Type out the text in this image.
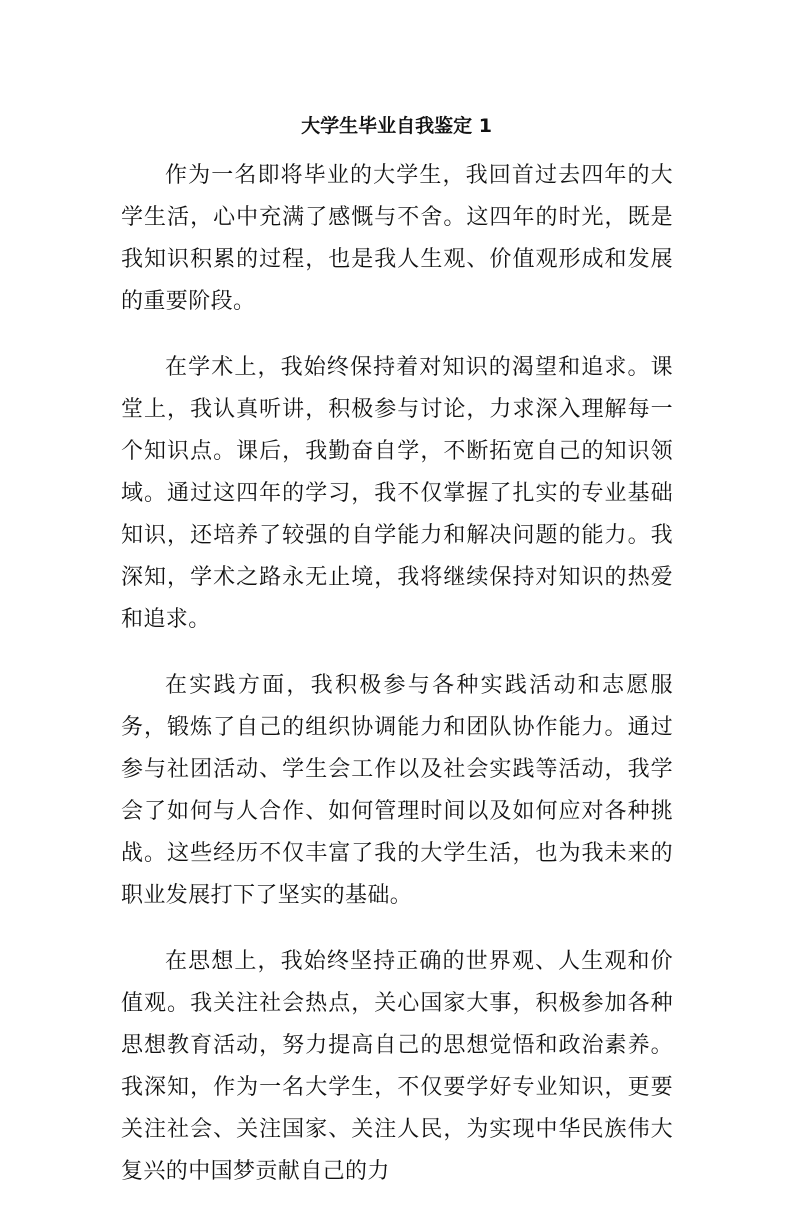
大学生毕业自我鉴定 1

作为一名即将毕业的大学生，我回首过去四年的大学生活，心中充满了感慨与不舍。这四年的时光，既是我知识积累的过程，也是我人生观、价值观形成和发展的重要阶段。

在学术上，我始终保持着对知识的渴望和追求。课堂上，我认真听讲，积极参与讨论，力求深入理解每一个知识点。课后，我勤奋自学，不断拓宽自己的知识领域。通过这四年的学习，我不仅掌握了扎实的专业基础知识，还培养了较强的自学能力和解决问题的能力。我深知，学术之路永无止境，我将继续保持对知识的热爱和追求。

在实践方面，我积极参与各种实践活动和志愿服务，锻炼了自己的组织协调能力和团队协作能力。通过参与社团活动、学生会工作以及社会实践等活动，我学会了如何与人合作、如何管理时间以及如何应对各种挑战。这些经历不仅丰富了我的大学生活，也为我未来的职业发展打下了坚实的基础。

在思想上，我始终坚持正确的世界观、人生观和价值观。我关注社会热点，关心国家大事，积极参加各种思想教育活动，努力提高自己的思想觉悟和政治素养。我深知，作为一名大学生，不仅要学好专业知识，更要关注社会、关注国家、关注人民，为实现中华民族伟大复兴的中国梦贡献自己的力
